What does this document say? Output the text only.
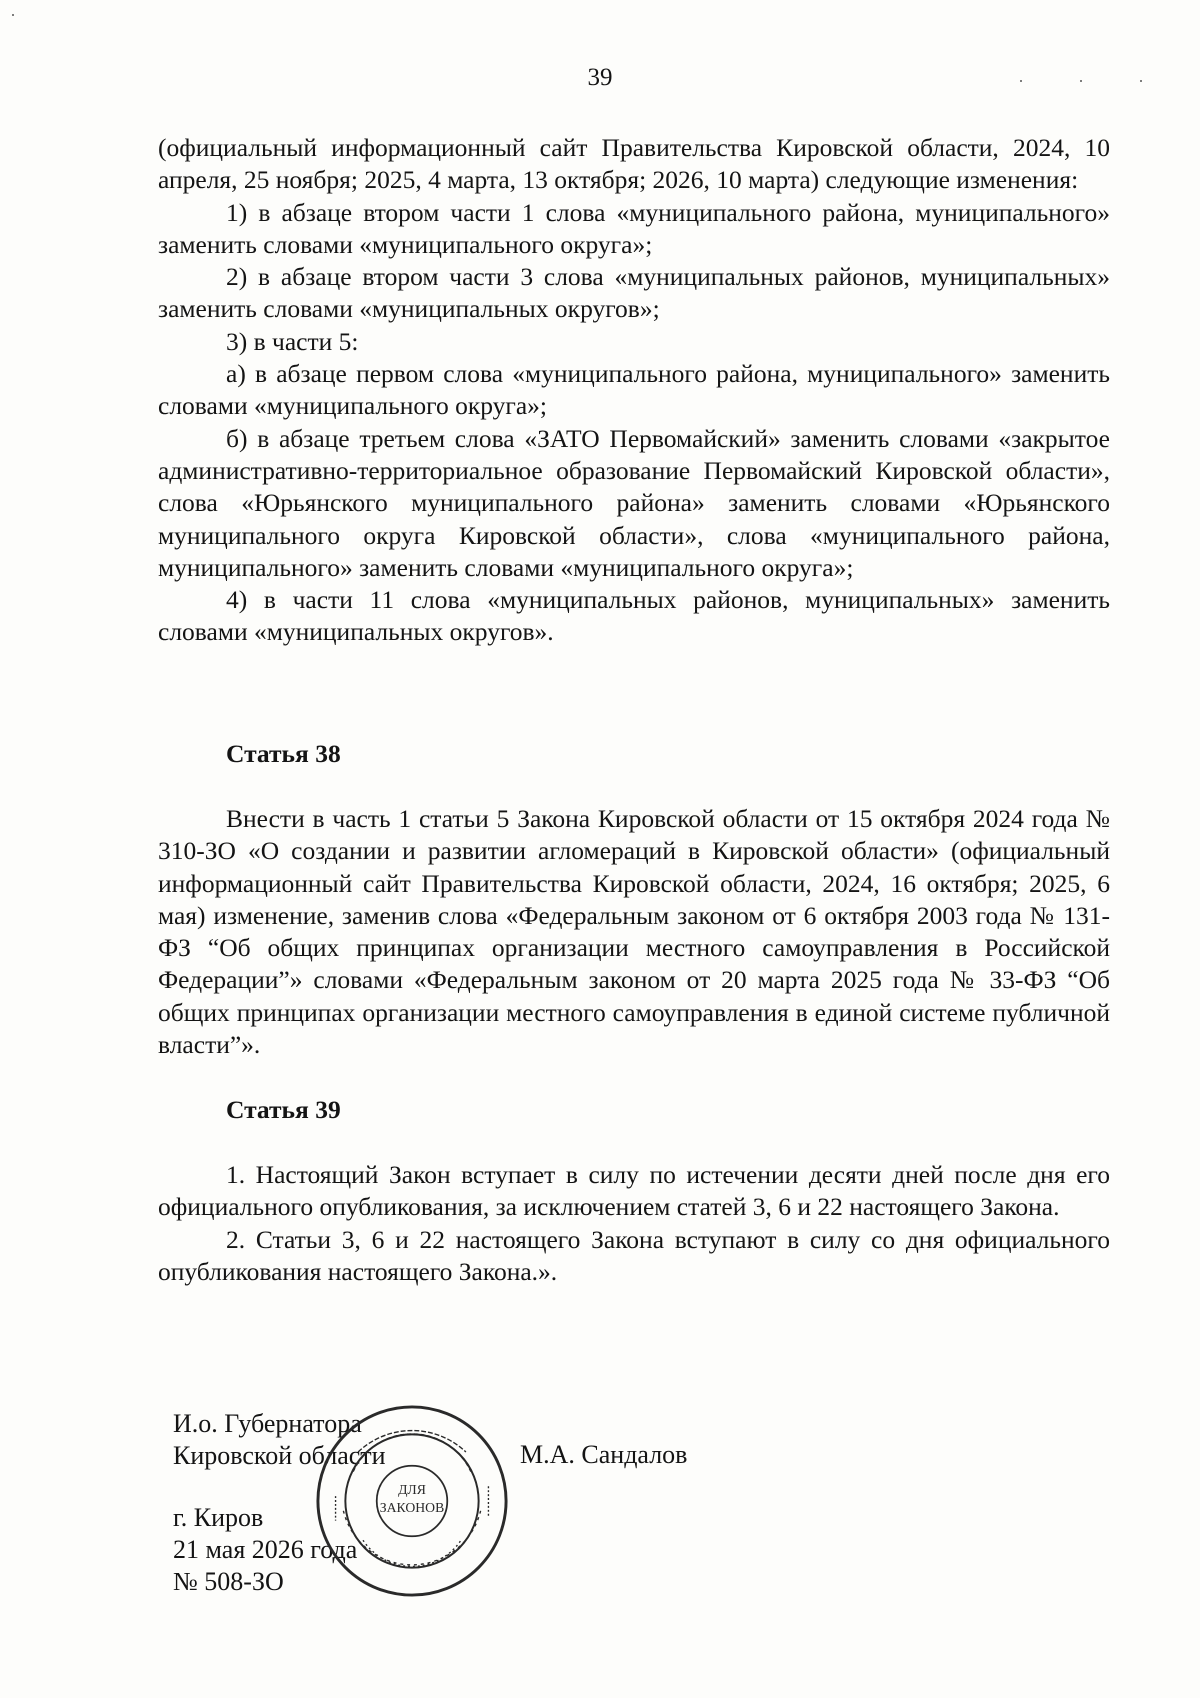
39

(официальный информационный сайт Правительства Кировской области, 2024, 10 апреля, 25 ноября; 2025, 4 марта, 13 октября; 2026, 10 марта) следующие изменения:

1) в абзаце втором части 1 слова «муниципального района, муниципального» заменить словами «муниципального округа»;

2) в абзаце втором части 3 слова «муниципальных районов, муниципальных» заменить словами «муниципальных округов»;

3) в части 5:

а) в абзаце первом слова «муниципального района, муниципального» заменить словами «муниципального округа»;

б) в абзаце третьем слова «ЗАТО Первомайский» заменить словами «закрытое административно-территориальное образование Первомайский Кировской области», слова «Юрьянского муниципального района» заменить словами «Юрьянского муниципального округа Кировской области», слова «муниципального района, муниципального» заменить словами «муниципального округа»;

4) в части 11 слова «муниципальных районов, муниципальных» заменить словами «муниципальных округов».

Статья 38

Внести в часть 1 статьи 5 Закона Кировской области от 15 октября 2024 года № 310-ЗО «О создании и развитии агломераций в Кировской области» (официальный информационный сайт Правительства Кировской области, 2024, 16 октября; 2025, 6 мая) изменение, заменив слова «Федеральным законом от 6 октября 2003 года № 131-ФЗ “Об общих принципах организации местного самоуправления в Российской Федерации”» словами «Федеральным законом от 20 марта 2025 года № 33-ФЗ “Об общих принципах организации местного самоуправления в единой системе публичной власти”».

Статья 39

1. Настоящий Закон вступает в силу по истечении десяти дней после дня его официального опубликования, за исключением статей 3, 6 и 22 настоящего Закона.

2. Статьи 3, 6 и 22 настоящего Закона вступают в силу со дня официального опубликования настоящего Закона.».

И.о. Губернатора
Кировской области	М.А. Сандалов
г. Киров
21 мая 2026 года
№ 508-ЗО
ДЛЯ
ЗАКОНОВ
